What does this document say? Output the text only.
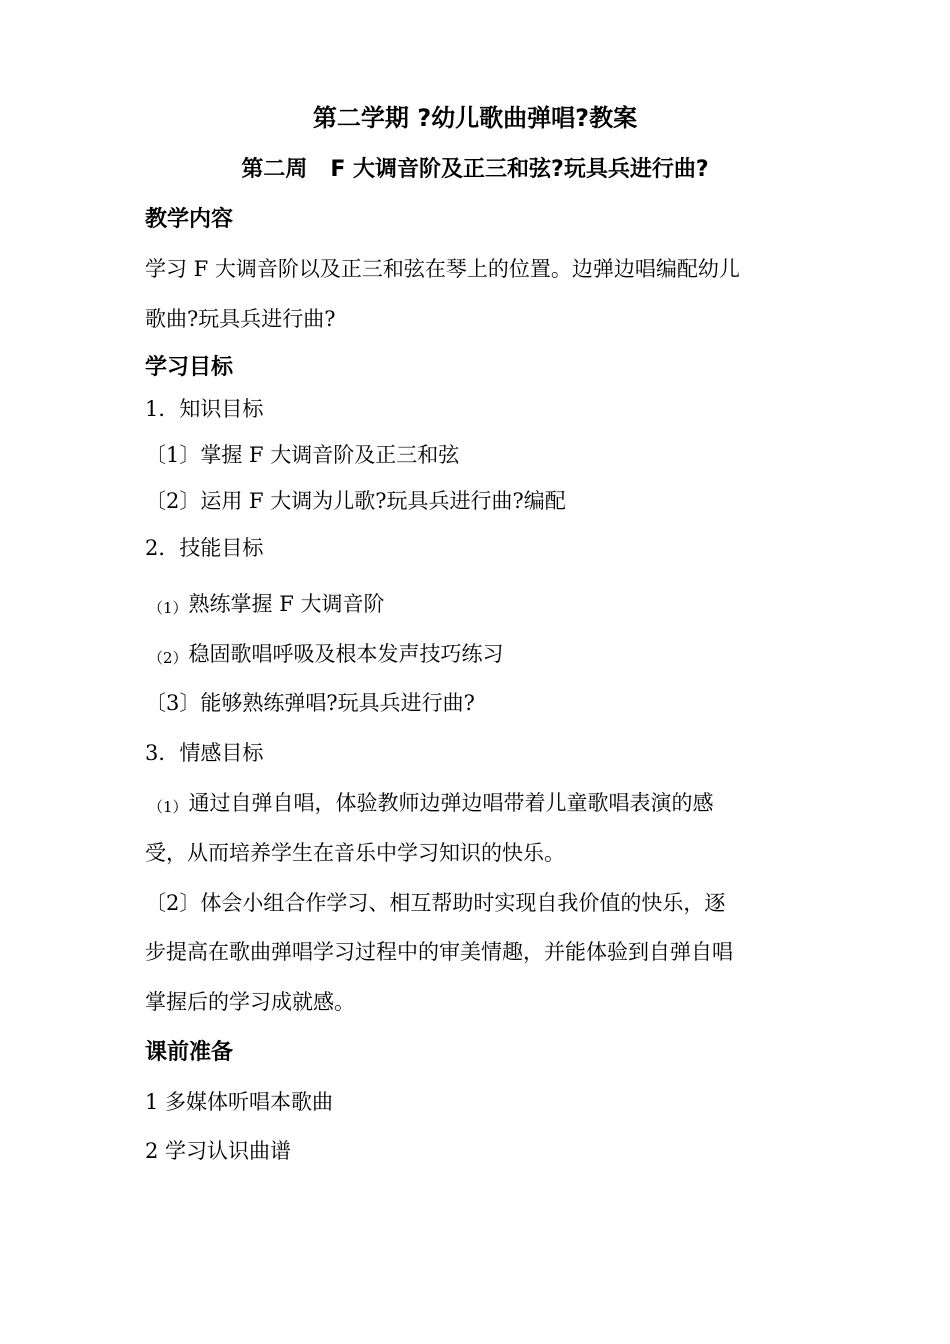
第二学期 ?幼儿歌曲弹唱?教案
第二周   F 大调音阶及正三和弦?玩具兵进行曲?
教学内容
学习 F 大调音阶以及正三和弦在琴上的位置。边弹边唱编配幼儿
歌曲?玩具兵进行曲?
学习目标
1．知识目标
〔1〕掌握 F 大调音阶及正三和弦
〔2〕运用 F 大调为儿歌?玩具兵进行曲?编配
2．技能目标
（1）熟练掌握 F 大调音阶
（2）稳固歌唱呼吸及根本发声技巧练习
〔3〕能够熟练弹唱?玩具兵进行曲?
3．情感目标
（1）通过自弹自唱，体验教师边弹边唱带着儿童歌唱表演的感
受，从而培养学生在音乐中学习知识的快乐。
〔2〕体会小组合作学习、相互帮助时实现自我价值的快乐，逐
步提高在歌曲弹唱学习过程中的审美情趣，并能体验到自弹自唱
掌握后的学习成就感。
课前准备
1 多媒体听唱本歌曲
2 学习认识曲谱
